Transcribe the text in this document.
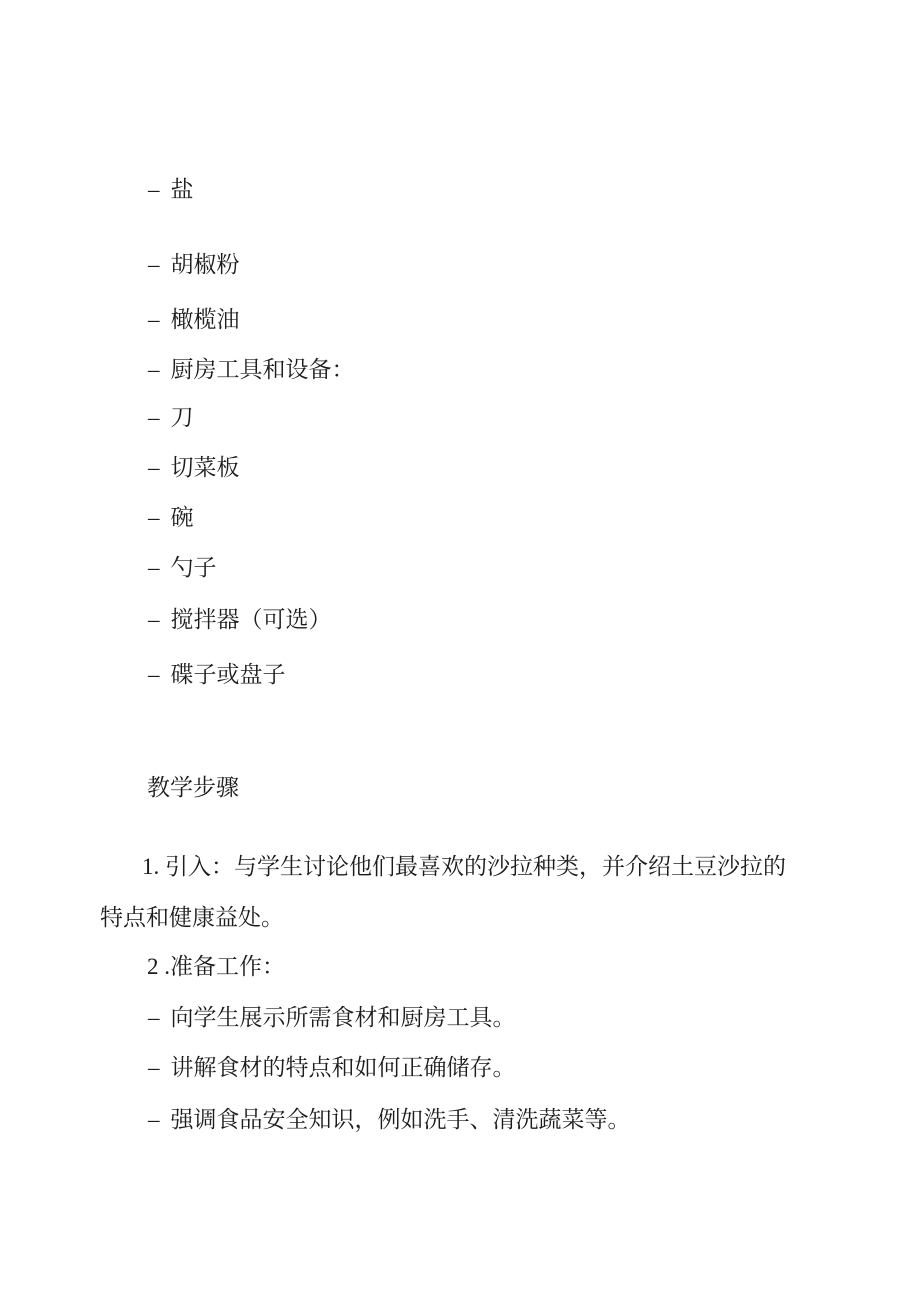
– 盐
– 胡椒粉
– 橄榄油
– 厨房工具和设备：
– 刀
– 切菜板
– 碗
– 勺子
– 搅拌器（可选）
– 碟子或盘子
教学步骤
1. 引入：与学生讨论他们最喜欢的沙拉种类，并介绍土豆沙拉的
特点和健康益处。
2 .准备工作：
– 向学生展示所需食材和厨房工具。
– 讲解食材的特点和如何正确储存。
– 强调食品安全知识，例如洗手、清洗蔬菜等。
